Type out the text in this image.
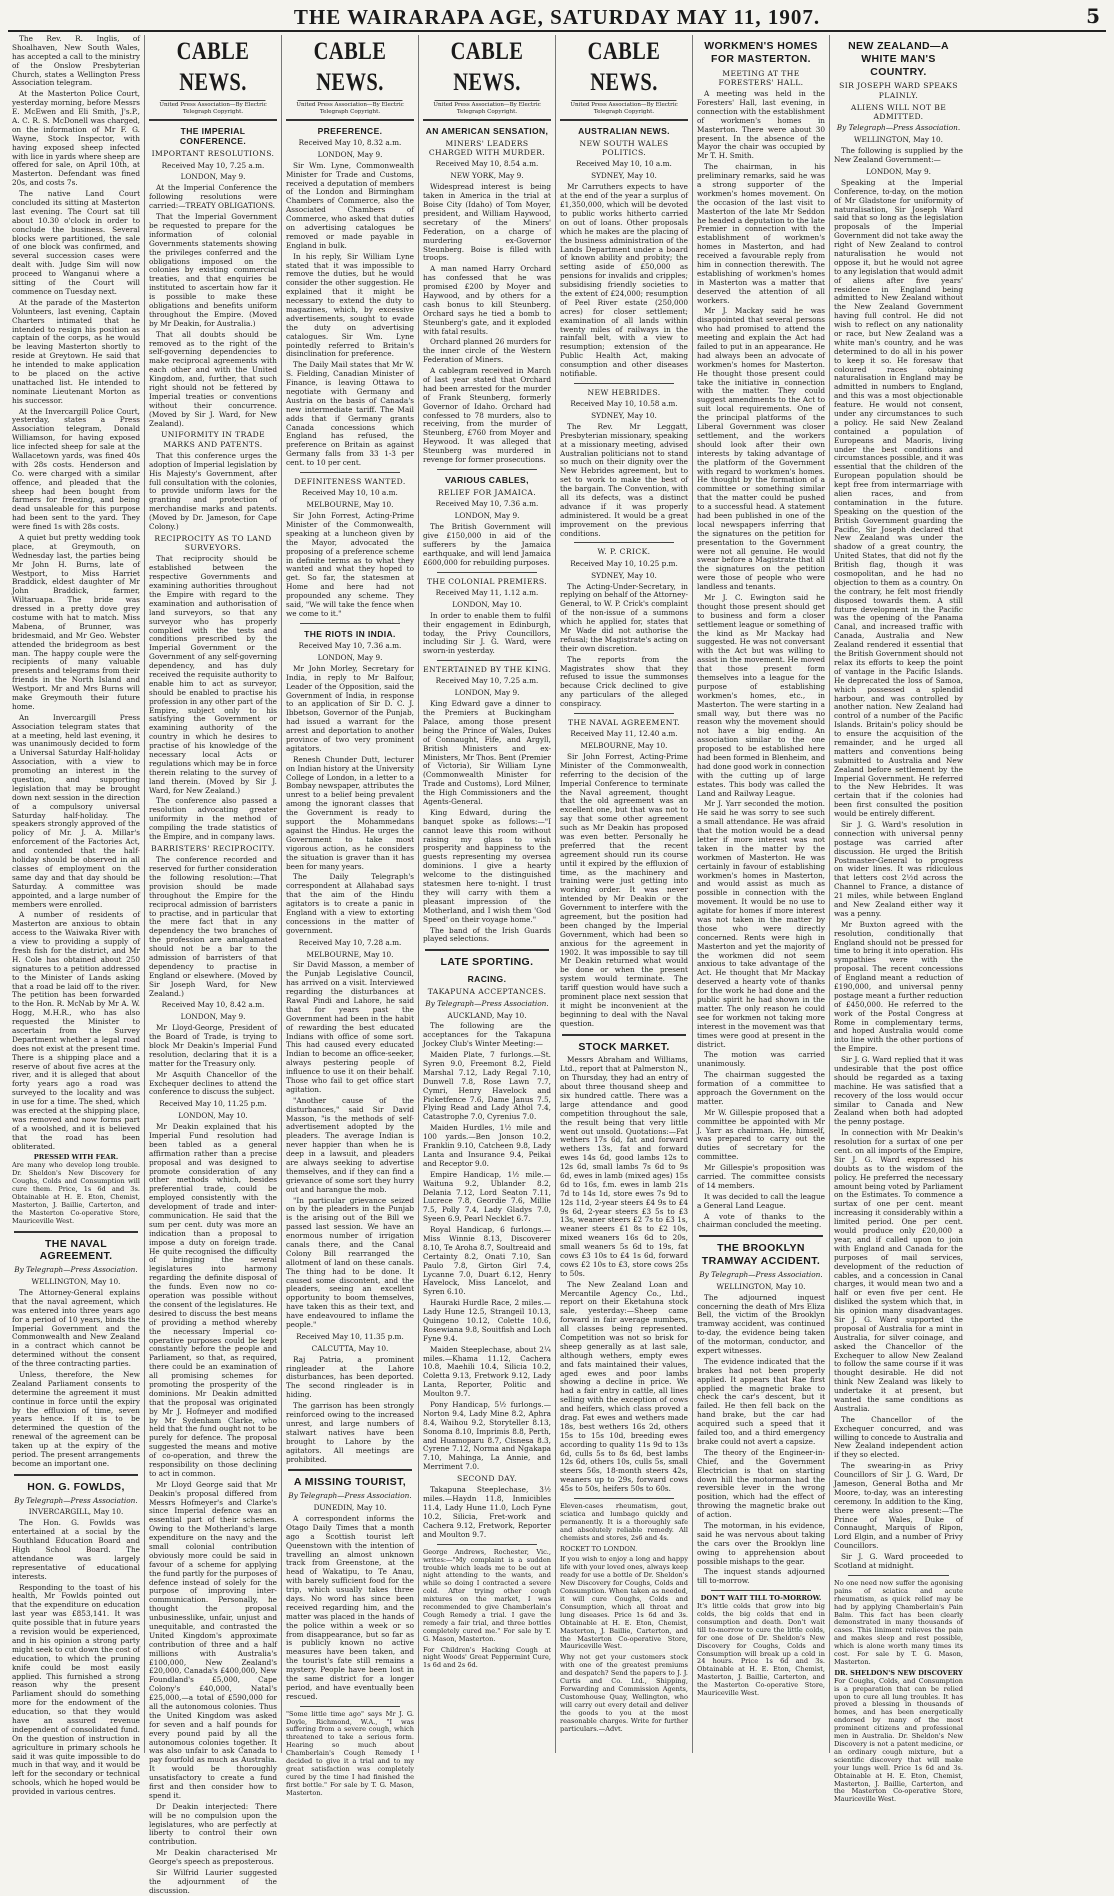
THE WAIRARAPA AGE, SATURDAY MAY 11, 1907.	5

The Rev. R. Inglis, of Shoalhaven, New South Wales, has accepted a call to the ministry of the Onslow Presbyterian Church, states a Wellington Press Association telegram.

At the Masterton Police Court, yesterday morning, before Messrs E. McEwen and Eli Smith, J's.P., A. C. R. S. McDonell was charged, on the information of Mr F. G. Wayne, Stock Inspector, with having exposed sheep infected with lice in yards where sheep are offered for sale, on April 10th, at Masterton. Defendant was fined 20s, and costs 7s.

The native Land Court concluded its sitting at Masterton last evening. The Court sat till about 10.30 o'clock in order to conclude the business. Several blocks were partitioned, the sale of one block was confirmed, and several succession cases were dealt with. Judge Sim will now proceed to Wanganui where a sitting of the Court will commence on Tuesday next.

At the parade of the Masterton Volunteers, last evening, Captain Charters intimated that he intended to resign his position as captain of the corps, as he would be leaving Masterton shortly to reside at Greytown. He said that he intended to make application to be placed on the active unattached list. He intended to nominate Lieutenant Morton as his successor.

At the Invercargill Police Court, yesterday, states a Press Association telegram, Donald Williamson, for having exposed lice infected sheep for sale at the Wallacetown yards, was fined 40s with 28s costs. Henderson and Co. were charged with a similar offence, and pleaded that the sheep had been bought from farmers for freezing, and being dead unsaleable for this purpose had been sent to the yard. They were fined 1s with 28s costs.

A quiet but pretty wedding took place, at Greymouth, on Wednesday last, the parties being Mr John H. Burns, late of Westport, to Miss Harriet Braddick, eldest daughter of Mr John Braddick, farmer, Wiltaruapa. The bride was dressed in a pretty dove grey costume with hat to match. Miss Mabena, of Brunner, was bridesmaid, and Mr Geo. Webster attended the bridegroom as best man. The happy couple were the recipients of many valuable presents and telegrams from their friends in the North Island and Westport. Mr and Mrs Burns will make Greymouth their future home.

An Invercargill Press Association telegram states that at a meeting, held last evening, it was unanimously decided to form a Universal Saturday Half-holiday Association, with a view to promoting an interest in the question, and supporting legislation that may be brought down next session in the direction of a compulsory universal Saturday half-holiday. The speakers strongly approved of the policy of Mr. J. A. Millar's enforcement of the Factories Act, and contended that the half-holiday should be observed in all classes of employment on the same day and that day should be Saturday. A committee was appointed, and a large number of members were enrolled.

A number of residents of Masterton are anxious to obtain access to the Waiwaka River with a view to providing a supply of fresh fish for the district, and Mr H. Cole has obtained about 250 signatures to a petition addressed to the Minister of Lands asking that a road be laid off to the river. The petition has been forwarded to the Hon. R. McNab by Mr A. W. Hogg, M.H.R., who has also requested the Minister to ascertain from the Survey Department whether a legal road does not exist at the present time. There is a shipping place and a reserve of about five acres at the river, and it is alleged that about forty years ago a road was surveyed to the locality and was in use for a time. The shed, which was erected at the shipping place, was removed and now forms part of a woolshed, and it is believed that the road has been obliterated.

PRESSED WITH FEAR.
Are many who develop long trouble. Dr. Sheldon's New Discovery for Coughs, Colds and Consumption will cure them. Price, 1s 6d and 3s. Obtainable at H. E. Eton, Chemist, Masterton, J. Baillie, Carterton, and the Masterton Co-operative Store, Mauriceville West.
THE NAVAL AGREEMENT.
By Telegraph—Press Association.
WELLINGTON, May 10.

The Attorney-General explains that the naval agreement, which was entered into three years ago for a period of 10 years, binds the Imperial Government and the Commonwealth and New Zealand in a contract which cannot be determined without the consent of the three contracting parties.

Unless, therefore, the New Zealand Parliament consents to determine the agreement it must continue in force until the expiry by the effluxion of time, seven years hence. If it is to be determined the question of the renewal of the agreement can be taken up at the expiry of the period. The present arrangements become an important one.

HON. G. FOWLDS,
By Telegraph—Press Association.
INVERCARGILL, May 10.

The Hon. G. Fowlds was entertained at a social by the Southland Education Board and High School Board. The attendance was largely representative of educational interests.

Responding to the toast of his health, Mr Fowlds pointed out that the expenditure on education last year was £853,141. It was quite possible that in future years a revision would be experienced, and in his opinion a strong party might seek to cut down the cost of education, to which the pruning knife could be most easily applied. This furnished a strong reason why the present Parliament should do something more for the endowment of the education, so that they would have an assured revenue independent of consolidated fund. On the question of instruction in agriculture in primary schools he said it was quite impossible to do much in that way, and it would be left for the secondary or technical schools, which he hoped would be provided in various centres.

CABLE NEWS.
United Press Association—By Electric Telegraph Copyright.
THE IMPERIAL CONFERENCE.
IMPORTANT RESOLUTIONS.
Received May 10, 7.25 a.m.
LONDON, May 9.

At the Imperial Conference the following resolutions were carried:—TREATY OBLIGATIONS.

That the Imperial Government be requested to prepare for the information of colonial Governments statements showing the privileges conferred and the obligations imposed on the colonies by existing commercial treaties, and that enquiries be instituted to ascertain how far it is possible to make these obligations and benefits uniform throughout the Empire. (Moved by Mr Deakin, for Australia.)

That all doubts should be removed as to the right of the self-governing dependencies to make reciprocal agreements with each other and with the United Kingdom, and, further, that such right should not be fettered by Imperial treaties or conventions without their concurrence. (Moved by Sir J. Ward, for New Zealand).

UNIFORMITY IN TRADE MARKS AND PATENTS.

That this conference urges the adoption of Imperial legislation by His Majesty's Government, after full consultation with the colonies, to provide uniform laws for the granting and protection of merchandise marks and patents. (Moved by Dr. Jameson, for Cape Colony.)

RECIPROCITY AS TO LAND SURVEYORS.

That reciprocity should be established between the respective Governments and examining authorities throughout the Empire with regard to the examination and authorisation of land surveyors, so that any surveyor who has properly complied with the tests and conditions prescribed by the Imperial Government or the Government of any self-governing dependency, and has duly received the requisite authority to enable him to act as surveyor, should be enabled to practise his profession in any other part of the Empire, subject only to his satisfying the Government or examining authority of the country in which he desires to practise of his knowledge of the necessary local Acts or regulations which may be in force therein relating to the survey of land therein. (Moved by Sir J. Ward, for New Zealand.)

The conference also passed a resolution advocating greater uniformity in the method of compiling the trade statistics of the Empire, and in company laws.

BARRISTERS' RECIPROCITY.

The conference recorded and reserved for further consideration the following resolution:—That provision should be made throughout the Empire for the reciprocal admission of barristers to practise, and in particular that the mere fact that in any dependency the two branches of the profession are amalgamated should not be a bar to the admission of barristers of that dependency to practise in England or elsewhere. (Moved by Sir Joseph Ward, for New Zealand.)

Received May 10, 8.42 a.m.
LONDON, May 9.

Mr Lloyd-George, President of the Board of Trade, is trying to block Mr Deakin's Imperial Fund resolution, declaring that it is a matter for the Treasury only.

Mr Asquith Chancellor of the Exchequer declines to attend the conference to discuss the subject.

Received May 10, 11.25 p.m.
LONDON, May 10.

Mr Deakin explained that his Imperial Fund resolution had been tabled as a general affirmation rather than a precise proposal and was designed to promote consideration of any other methods which, besides preferential trade, could be employed consistently with the development of trade and inter-communication. He said that the sum per cent. duty was more an indication than a proposal to impose a duty on foreign trade. He quite recognised the difficulty of bringing the several legislatures into harmony regarding the definite disposal of the funds. Even now no co-operation was possible without the consent of the legislatures. He desired to discuss the best means of providing a method whereby the necessary Imperial co-operative purposes could be kept constantly before the people and Parliament, so that, as required, there could be an examination of all promising schemes for promoting the prosperity of the dominions. Mr Deakin admitted that the proposal was originated by Mr J. Hofmeyer and modified by Mr Sydenham Clarke, who held that the fund ought not to be purely for defence. The proposal suggested the means and motive of co-operation, and threw the responsibility on those declining to act in common.

Mr Lloyd George said that Mr Deakin's proposal differed from Messrs Hofmeyer's and Clarke's since Imperial defence was an essential part of their schemes. Owing to the Motherland's large expenditure on the navy and the small colonial contribution obviously more could be said in favour of a scheme for applying the fund partly for the purposes of defence instead of solely for the purpose of improving inter-communication. Personally, he thought the proposal unbusinesslike, unfair, unjust and unequitable, and contrasted the United Kingdom's approximate contribution of three and a half millions with Australia's £100,000, New Zealand's £20,000, Canada's £400,000, New Foundland's £5,000, Cape Colony's £40,000, Natal's £25,000,—a total of £590,000 for all the autonomous colonies. Thus the United Kingdom was asked for seven and a half pounds for every pound paid by all the autonomous colonies together. It was also unfair to ask Canada to pay fourfold as much as Australia. It would be thoroughly unsatisfactory to create a fund first and then consider how to spend it.

Dr Deakin interjected: There will be no compulsion upon the legislatures, who are perfectly at liberty to control their own contribution.

Mr Deakin characterised Mr George's speech as preposterous.

Sir Wilfrid Laurier suggested the adjournment of the discussion.

CABLE NEWS.
United Press Association—By Electric Telegraph Copyright.
PREFERENCE.
Received May 10, 8.32 a.m.
LONDON, May 9.

Sir Wm. Lyne, Commonwealth Minister for Trade and Customs, received a deputation of members of the London and Birmingham Chambers of Commerce, also the Associated Chambers of Commerce, who asked that duties on advertising catalogues be removed or made payable in England in bulk.

In his reply, Sir William Lyne stated that it was impossible to remove the duties, but he would consider the other suggestion. He explained that it might be necessary to extend the duty to magazines, which, by excessive advertisements, sought to evade the duty on advertising catalogues. Sir Wm. Lyne pointedly referred to Britain's disinclination for preference.

The Daily Mail states that Mr W. S. Fielding, Canadian Minister of Finance, is leaving Ottawa to negotiate with Germany and Austria on the basis of Canada's new intermediate tariff. The Mail adds that if Germany grants Canada concessions which England has refused, the preference on Britain as against Germany falls from 33 1-3 per cent. to 10 per cent.

DEFINITENESS WANTED.
Received May 10, 10 a.m.
MELBOURNE, May 10.

Sir John Forrest, Acting-Prime Minister of the Commonwealth, speaking at a luncheon given by the Mayor, advocated the proposing of a preference scheme in definite terms as to what they wanted and what they hoped to get. So far, the statesmen at Home and here had not propounded any scheme. They said, "We will take the fence when we come to it."

THE RIOTS IN INDIA.
Received May 10, 7.36 a.m.
LONDON, May 9.

Mr John Morley, Secretary for India, in reply to Mr Balfour, Leader of the Opposition, said the Government of India, in response to an application of Sir D. C. J. Ibbetson, Governor of the Punjab, had issued a warrant for the arrest and deportation to another province of two very prominent agitators.

Renesh Chunder Dutt, lecturer on Indian history at the University College of London, in a letter to a Bombay newspaper, attributes the unrest to a belief being prevalent among the ignorant classes that the Government is ready to support the Mohammedans against the Hindus. He urges the Government to take most vigorous action, as he considers the situation is graver than it has been for many years.

The Daily Telegraph's correspondent at Allahabad says that the aim of the Hindu agitators is to create a panic in England with a view to extorting concessions in the matter of government.

Received May 10, 7.28 a.m.
MELBOURNE, May 10.

Sir David Masson, a member of the Punjab Legislative Council, has arrived on a visit. Interviewed regarding the disturbances at Rawal Pindi and Lahore, he said that for years past the Government had been in the habit of rewarding the best educated Indians with office of some sort. This had caused every educated Indian to become an office-seeker, always pestering people of influence to use it on their behalf. Those who fail to get office start agitation.

"Another cause of the disturbances," said Sir David Masson, "is the methods of self-advertisement adopted by the pleaders. The average Indian is never happier than when he is deep in a lawsuit, and pleaders are always seeking to advertise themselves, and if they can find a grievance of some sort they hurry out and harangue the mob.

"In particular grievance seized on by the pleaders in the Punjab is the arising out of the Bill we passed last session. We have an enormous number of irrigation canals there, and the Canal Colony Bill rearranged the allotment of land on these canals. The thing had to be done. It caused some discontent, and the pleaders, seeing an excellent opportunity to boom themselves, have taken this as their text, and have endeavoured to inflame the people."

Received May 10, 11.35 p.m.
CALCUTTA, May 10.

Raj Patria, a prominent ringleader at the Lahore disturbances, has been deported. The second ringleader is in hiding.

The garrison has been strongly reinforced owing to the increased unrest, and large numbers of stalwart natives have been brought to Lahore by the agitators. All meetings are prohibited.

A MISSING TOURIST,
By Telegraph—Press Association.
DUNEDIN, May 10.

A correspondent informs the Otago Daily Times that a month ago a Scottish tourist left Queenstown with the intention of travelling an almost unknown track from Greenstone, at the head of Wakatipu, to Te Anau, with barely sufficient food for the trip, which usually takes three days. No word has since been received regarding him, and the matter was placed in the hands of the police within a week or so from disappearance, but so far as is publicly known no active measures have been taken, and the tourist's fate still remains a mystery. People have been lost in the same district for a longer period, and have eventually been rescued.

"Some little time ago" says Mr J. G. Doyle, Richmond, W.A., "I was suffering from a severe cough, which threatened to take a serious form. Hearing so much about Chamberlain's Cough Remedy I decided to give it a trial and to my great satisfaction was completely cured by the time I had finished the first bottle." For sale by T. G. Mason, Masterton.
CABLE NEWS.
United Press Association—By Electric Telegraph Copyright.
AN AMERICAN SENSATION,
MINERS' LEADERS CHARGED WITH MURDER.
Received May 10, 8.54 a.m.
NEW YORK, May 9.

Widespread interest is being taken in America in the trial at Boise City (Idaho) of Tom Moyer, president, and William Haywood, secretary of the Miners' Federation, on a charge of murdering ex-Governor Steunberg. Boise is filled with troops.

A man named Harry Orchard has confessed that he was promised £200 by Moyer and Haywood, and by others for a cash bonus to kill Steunberg. Orchard says he tied a bomb to Steunberg's gate, and it exploded with fatal results.

Orchard planned 26 murders for the inner circle of the Western Federation of Miners.

A cablegram received in March of last year stated that Orchard had been arrested for the murder of Frank Steunberg, formerly Governor of Idaho. Orchard had confessed to 78 murders, also to receiving, from the murder of Steunberg, £760 from Moyer and Heywood. It was alleged that Steunberg was murdered in revenge for former prosecutions.

VARIOUS CABLES,
RELIEF FOR JAMAICA.
Received May 10, 7.36 a.m.
LONDON, May 9.

The British Government will give £150,000 in aid of the sufferers by the Jamaica earthquake, and will lend Jamaica £600,000 for rebuilding purposes.

THE COLONIAL PREMIERS.
Received May 11, 1.12 a.m.
LONDON, May 10.

In order to enable them to fulfil their engagement in Edinburgh, today, the Privy Councillors, including Sir J. G. Ward, were sworn-in yesterday.

ENTERTAINED BY THE KING.
Received May 10, 7.25 a.m.
LONDON, May 9.

King Edward gave a dinner to the Premiers at Buckingham Palace, among those present being the Prince of Wales, Dukes of Connaught, Fife, and Argyll, British Ministers and ex-Ministers, Mr Thos. Bent (Premier of Victoria), Sir William Lyne (Commonwealth Minister for Trade and Customs), Lord Milner, the High Commissioners and the Agents-General.

King Edward, during the banquet spoke as follows:—"I cannot leave this room without raising my glass to wish prosperity and happiness to the guests representing my oversea dominions. I give a hearty welcome to the distinguished statesmen here to-night. I trust they will carry with them a pleasant impression of the Motherland, and I wish them 'God Speed' on their voyage home."

The band of the Irish Guards played selections.

LATE SPORTING.
RACING.
TAKAPUNA ACCEPTANCES.
By Telegraph—Press Association.
AUCKLAND, May 10.

The following are the acceptances for the Takapuna Jockey Club's Winter Meeting:—

Maiden Plate, 7 furlongs.—St. Syren 9.0, Freemont 8.2, Field Marshal 7.12, Lady Regal 7.10, Dunwell 7.8, Rose Lawn 7.7, Cymri, Henry Havelock and Picketfence 7.6, Dame Janus 7.5, Flying Read and Lady Athol 7.4, Catastrophe 7.0, Cyrenius 7.0.

Maiden Hurdles, 1½ mile and 100 yards.—Ben Jonson 10.2, Franklin 9.10, Catcheen 9.8, Lady Lanta and Insurance 9.4, Peikai and Receptor 9.0.

Empire Handicap, 1½ mile.—Waituna 9.2, Ublander 8.2, Delania 7.12, Lord Seaton 7.11, Lucrece 7.8, Geordie 7.6, Millie 7.5, Polly 7.4, Lady Gladys 7.0, Syeen 6.9, Pearl Necklet 6.7.

Royal Handicap, 6 furlongs.—Miss Winnie 8.13, Discoverer 8.10, Te Aroha 8.7, Soultreaid and Certainty 8.2, Onati 7.10, San Paulo 7.8, Girton Girl 7.4, Lycanne 7.0, Duart 6.12, Henry Havelock, Miss Lancelot, and Syren 6.10.

Hauraki Hurdle Race, 2 miles.—Lady Hune 12.5, Strangeil 10.13, Quingeno 10.12, Colette 10.6, Rosewiana 9.8, Souitfish and Loch Fyne 9.4.

Maiden Steeplechase, about 2¼ miles.—Khama 11.12, Cachera 10.8, Maehili 10.4, Silicia 10.2, Coletta 9.13, Fretwork 9.12, Lady Lanta, Reporter, Politic and Moulton 9.7.

Pony Handicap, 5½ furlongs.—Norton 9.4, Lady Mine 8.2, Aphra 8.4, Waihou 9.2, Storyteller 8.13, Sonoma 8.10, Imprimis 8.8, Perth, and Huamoparu 8.7, Cisnesa 8.3, Cyrene 7.12, Norma and Ngakapa 7.10, Mahinga, La Annie, and Merriment 7.0.

SECOND DAY.

Takapuna Steeplechase, 3½ miles.—Haydn 11.8, Inmicibles 11.4, Lady Hune 11.0, Loch Fyne 10.2, Silicia, Fret-work and Cachera 9.12, Fretwork, Reporter and Moulton 9.7.

George Andrews, Rochester, Vic., writes:—"My complaint is a sudden trouble which leads me to be out at night attending to the wants, and while so doing I contracted a severe cold. After trying other cough mixtures on the market, I was recommended to give Chamberlain's Cough Remedy a trial. I gave the remedy a fair trial, and three bottles completely cured me." For sale by T. G. Mason, Masterton.
For Children's Hacking Cough at night Woods' Great Peppermint Cure, 1s 6d and 2s 6d.
CABLE NEWS.
United Press Association—By Electric Telegraph Copyright.
AUSTRALIAN NEWS.
NEW SOUTH WALES POLITICS.
Received May 10, 10 a.m.
SYDNEY, May 10.

Mr Carruthers expects to have at the end of the year a surplus of £1,350,000, which will be devoted to public works hitherto carried on out of loans. Other proposals which he makes are the placing of the business administration of the Lands Department under a board of known ability and probity; the setting aside of £50,000 as pensions for invalids and cripples; subsidising friendly societies to the extent of £24,000; resumption of Peel River estate (250,000 acres) for closer settlement; examination of all lands within twenty miles of railways in the rainfall belt, with a view to resumption; extension of the Public Health Act, making consumption and other diseases notifiable.

NEW HEBRIDES.
Received May 10, 10.58 a.m.
SYDNEY, May 10.

The Rev. Mr Leggatt, Presbyterian missionary, speaking at a missionary meeting, advised Australian politicians not to stand so much on their dignity over the New Hebrides agreement, but to set to work to make the best of the bargain. The Convention, with all its defects, was a distinct advance if it was properly administered. It would be a great improvement on the previous conditions.

W. P. CRICK.
Received May 10, 10.25 p.m.
SYDNEY, May 10.

The Acting-Under-Secretary, in replying on behalf of the Attorney-General, to W. P. Crick's complaint of the non-issue of a summons which he applied for, states that Mr Wade did not authorise the refusal; the Magistrate's acting on their own discretion.

The reports from the Magistrates show that they refused to issue the summonses because Crick declined to give any particulars of the alleged conspiracy.

THE NAVAL AGREEMENT.
Received May 11, 12.40 a.m.
MELBOURNE, May 10.

Sir John Forrest, Acting-Prime Minister of the Commonwealth, referring to the decision of the Imperial Conference to terminate the Naval agreement, thought that the old agreement was an excellent one, but that was not to say that some other agreement such as Mr Deakin has proposed was even better. Personally he preferred that the recent agreement should run its course until it expired by the effluxion of time, as the machinery and training were just getting into working order. It was never intended by Mr Deakin or the Government to interfere with the agreement, but the position had been changed by the Imperial Government, which had been so anxious for the agreement in 1902. It was impossible to say till Mr Deakin returned what would be done or when the present system would terminate. The tariff question would have such a prominent place next session that it might be inconvenient at the beginning to deal with the Naval question.

STOCK MARKET.

Messrs Abraham and Williams, Ltd., report that at Palmerston N., on Thursday, they had an entry of about three thousand sheep and six hundred cattle. There was a large attendance and good competition throughout the sale, the result being that very little went out unsold. Quotations:—Fat wethers 17s 6d, fat and forward wethers 13s, fat and forward ewes 14s 6d, good lambs 12s to 12s 6d, small lambs 7s 6d to 9s 6d, ewes in lamb (mixed ages) 15s 6d to 16s, f.m. ewes in lamb 21s 7d to 14s 1d, store ewes 7s 9d to 12s 11d, 2-year steers £4 9s to £4 9s 6d, 2-year steers £3 5s to £3 13s, weaner steers £2 7s to £3 1s, weaner steers £1 8s to £2 10s, mixed weaners 16s 6d to 20s, small weaners 5s 6d to 19s, fat cows £3 10s to £4 1s 6d, forward cows £2 10s to £3, store cows 25s to 50s.

The New Zealand Loan and Mercantile Agency Co., Ltd., report on their Eketahuna stock sale, yesterday:—Sheep came forward in fair average numbers, all classes being represented. Competition was not so brisk for sheep generally as at last sale, although wethers, empty ewes and fats maintained their values, aged ewes and poor lambs showing a decline in price. We had a fair entry in cattle, all lines selling with the exception of cows and heifers, which class proved a drag. Fat ewes and wethers made 18s, best wethers 16s 2d, others 15s to 15s 10d, breeding ewes according to quality 11s 9d to 13s 6d, culls 5s to 8s 6d, best lambs 12s 6d, others 10s, culls 5s, small steers 56s, 18-month steers 42s, weaners up to 29s, forward cows 45s to 50s, heifers 50s to 60s.

Eleven-cases rheumatism, gout, sciatica and lumbago quickly and permanently. It is a thoroughly safe and absolutely reliable remedy. All chemists and stores, 2s6 and 4s.
ROCKET TO LONDON.
If you wish to enjoy a long and happy life with your loved ones, always keep ready for use a bottle of Dr. Sheldon's New Discovery for Coughs, Colds and Consumption. When taken as needed, it will cure Coughs, Colds and Consumption, which all throat and lung diseases. Price 1s 6d and 3s. Obtainable at H. E. Eton, Chemist, Masterton, J. Baillie, Carterton, and the Masterton Co-operative Store, Mauriceville West.
Why not get your customers stock with one of the greatest premiums and despatch? Send the papers to J. J. Curtis and Co. Ltd., Shipping, Forwarding and Commission Agents, Customhouse Quay, Wellington, who will carry out every detail and deliver the goods to you at the most reasonable charges. Write for further particulars.—Advt.
WORKMEN'S HOMES FOR MASTERTON.
MEETING AT THE FORESTERS' HALL.

A meeting was held in the Foresters' Hall, last evening, in connection with the establishment of workmen's homes in Masterton. There were about 30 present. In the absence of the Mayor the chair was occupied by Mr T. H. Smith.

The chairman, in his preliminary remarks, said he was a strong supporter of the workmen's homes movement. On the occasion of the last visit to Masterton of the late Mr Seddon he headed a deputation to the late Premier in connection with the establishment of workmen's homes in Masterton, and had received a favourable reply from him in connection therewith. The establishing of workmen's homes in Masterton was a matter that deserved the attention of all workers.

Mr J. Mackay said he was disappointed that several persons who had promised to attend the meeting and explain the Act had failed to put in an appearance. He had always been an advocate of workmen's homes for Masterton. He thought those present could take the initiative in connection with the matter. They could suggest amendments to the Act to suit local requirements. One of the principal platforms of the Liberal Government was closer settlement, and the workers should look after their own interests by taking advantage of the platform of the Government with regard to workmen's homes. He thought by the formation of a committee or something similar that the matter could be pushed to a successful head. A statement had been published in one of the local newspapers inferring that the signatures on the petition for presentation to the Government were not all genuine. He would swear before a Magistrate that all the signatures on the petition were those of people who were landless and tenants.

Mr J. C. Ewington said he thought those present should get to business and form a closer settlement league or something of the kind as Mr Mackay had suggested. He was not conversant with the Act but was willing to assist in the movement. He moved that those present form themselves into a league for the purpose of establishing workmen's homes, etc., in Masterton. The were starting in a small way, but there was no reason why the movement should not have a big ending. An association similar to the one proposed to be established here had been formed in Blenheim, and had done good work in connection with the cutting up of large estates. This body was called the Land and Railway League.

Mr J. Yarr seconded the motion. He said he was sorry to see such a small attendance. He was afraid that the motion would be a dead letter if more interest was not taken in the matter by the workmen of Masterton. He was certainly in favour of establishing workmen's homes in Masterton, and would assist as much as possible in connection with the movement. It would be no use to agitate for homes if more interest was not taken in the matter by those who were directly concerned. Rents were high in Masterton and yet the majority of the workmen did not seem anxious to take advantage of the Act. He thought that Mr Mackay deserved a hearty vote of thanks for the work he had done and the public spirit he had shown in the matter. The only reason he could see for workmen not taking more interest in the movement was that times were good at present in the district.

The motion was carried unanimously.

The chairman suggested the formation of a committee to approach the Government on the matter.

Mr W. Gillespie proposed that a committee be appointed with Mr J. Yarr as chairman. He, himself, was prepared to carry out the duties of secretary for the committee.

Mr Gillespie's proposition was carried. The committee consists of 14 members.

It was decided to call the league a General Land League.

A vote of thanks to the chairman concluded the meeting.

THE BROOKLYN TRAMWAY ACCIDENT.
By Telegraph—Press Association.
WELLINGTON, May 10.

The adjourned inquest concerning the death of Mrs Eliza Bell, the victim of the Brooklyn tramway accident, was continued to-day, the evidence being taken of the motorman, conductor, and expert witnesses.

The evidence indicated that the brakes had not been properly applied. It appears that Rae first applied the magnetic brake to check the car's descent, but it failed. He then fell back on the hand brake, but the car had acquired such a speed that it failed too, and a third emergency brake could not avert a capsize.

The theory of the Engineer-in-Chief, and the Government Electrician is that on starting down hill the motorman had the reversible lever in the wrong position, which had the effect of throwing the magnetic brake out of action.

The motorman, in his evidence, said he was nervous about taking the cars over the Brooklyn line owing to apprehension about possible mishaps to the gear.

The inquest stands adjourned till to-morrow.

DON'T WAIT TILL TO-MORROW.
It's little colds that grow into big colds, the big colds that end in consumption and death. Don't wait till to-morrow to cure the little colds, for one dose of Dr. Sheldon's New Discovery for Coughs, Colds and Consumption will break up a cold in 24 hours. Price 1s 6d and 3s. Obtainable at H. E. Eton, Chemist, Masterton, J. Baillie, Carterton, and the Masterton Co-operative Store, Mauriceville West.
NEW ZEALAND—A WHITE MAN'S COUNTRY.
SIR JOSEPH WARD SPEAKS PLAINLY.
ALIENS WILL NOT BE ADMITTED.
By Telegraph—Press Association.
WELLINGTON, May 10.

The following is supplied by the New Zealand Government:—

LONDON, May 9.

Speaking at the Imperial Conference, to-day, on the motion of Mr Gladstone for uniformity of naturalisation, Sir Joseph Ward said that so long as the legislation proposals of the Imperial Government did not take away the right of New Zealand to control naturalisation he would not oppose it, but he would not agree to any legislation that would admit of aliens after five years' residence in England being admitted to New Zealand without the New Zealand Government having full control. He did not wish to reflect on any nationality or race, but New Zealand was a white man's country, and he was determined to do all in his power to keep it so. He foresaw that coloured races obtaining naturalisation in England may be admitted in numbers to England, and this was a most objectionable feature. He would not consent, under any circumstances to such a policy. He said New Zealand contained a population of Europeans and Maoris, living under the best conditions and circumstances possible, and it was essential that the children of the European population should be kept free from intermarriage with alien races, and from contamination in the future. Speaking on the question of the British Government guarding the Pacific, Sir Joseph declared that New Zealand was under the shadow of a great country, the United States, that did not fly the British flag, though it was cosmopolitan, and he had no objection to them as a country. On the contrary, he felt most friendly disposed towards them. A still future development in the Pacific was the opening of the Panama Canal, and increased traffic with Canada, Australia and New Zealand rendered it essential that the British Government should not relax its efforts to keep the point of vantage in the Pacific Islands. He deprecated the loss of Samoa, which possessed a splendid harbour, and was controlled by another nation. New Zealand had control of a number of the Pacific Islands. Britain's policy should be to ensure the acquisition of the remainder, and he urged all matters and conventions being submitted to Australia and New Zealand before settlement by the Imperial Government. He referred to the New Hebrides. It was certain that if the colonies had been first consulted the position would be entirely different.

Sir J. G. Ward's resolution in connection with universal penny postage was carried after discussion. He urged the British Postmaster-General to progress on wider lines. It was ridiculous that letters cost 2½d across the Channel to France, a distance of 21 miles, while between England and New Zealand either way it was a penny.

Mr Buxton agreed with the resolution, conditionally that England should not be pressed for time to bring it into operation. His sympathies were with the proposal. The recent concessions of England meant a reduction of £190,000, and universal penny postage meant a further reduction of £450,000. He referred to the work of the Postal Congress at Rome in complementary terms, and hoped Australia would come into line with the other portions of the Empire.

Sir J. G. Ward replied that it was undesirable that the post office should be regarded as a taxing machine. He was satisfied that a recovery of the loss would occur similar to Canada and New Zealand when both had adopted the penny postage.

In connection with Mr Deakin's resolution for a surtax of one per cent. on all imports of the Empire, Sir J. G. Ward expressed his doubts as to the wisdom of the policy. He preferred the necessary amount being voted by Parliament on the Estimates. To commence a surtax of one per cent. meant increasing it considerably within a limited period. One per cent. would produce only £20,000 a year, and if called upon to join with England and Canada for the purposes of mail services, development of the reduction of cables, and a concession in Canal charges, it would mean two and a half or even five per cent. He disliked the system which that, in his opinion many disadvantages. Sir J. G. Ward supported the proposal of Australia for a mint in Australia, for silver coinage, and asked the Chancellor of the Exchequer to allow New Zealand to follow the same course if it was thought desirable. He did not think New Zealand was likely to undertake it at present, but wanted the same conditions as Australia.

The Chancellor of the Exchequer concurred, and was willing to concede to Australia and New Zealand independent action if they so elected.

The swearing-in as Privy Councillors of Sir J. G. Ward, Dr Jameson, General Botha and Mr Moore, to-day, was an interesting ceremony. In addition to the King, there were also present:—The Prince of Wales, Duke of Connaught, Marquis of Ripon, Lord Elgin, and a number of Privy Councillors.

Sir J. G. Ward proceeded to Scotland at midnight.

No one need now suffer the agonising pains of sciatica and acute rheumatism, as quick relief may be had by applying Chamberlain's Pain Balm. This fact has been clearly demonstrated in many thousands of cases. This liniment relieves the pain and makes sleep and rest possible, which is alone worth many times its cost. For sale by T. G. Mason, Masterton.
DR. SHELDON'S NEW DISCOVERY
For Coughs, Colds, and Consumption is a preparation that can be relied upon to cure all lung troubles. It has proved a blessing in thousands of homes, and has been energetically endorsed by many of the most prominent citizens and professional men in Australia. Dr. Sheldon's New Discovery is not a patent medicine, or an ordinary cough mixture, but a scientific discovery that will make your lungs well. Price 1s 6d and 3s. Obtainable at H. E. Eton, Chemist, Masterton, J. Baillie, Carterton, and the Masterton Co-operative Store, Mauriceville West.
